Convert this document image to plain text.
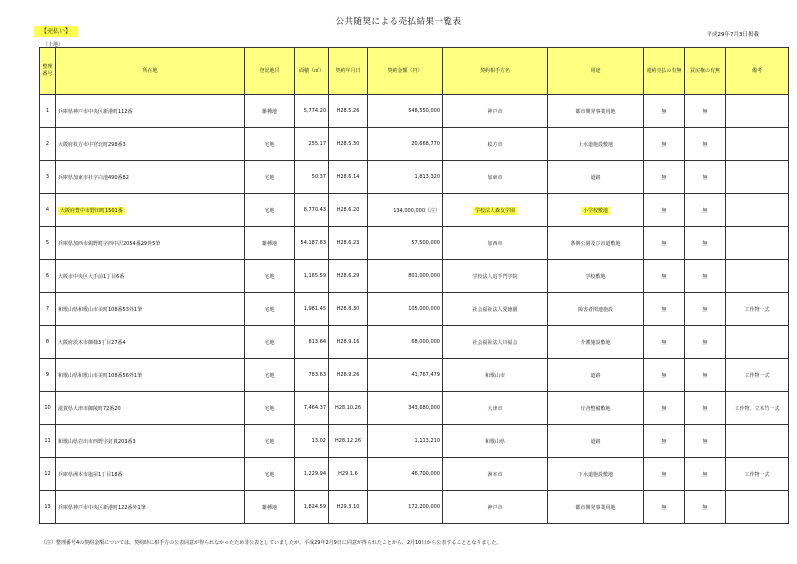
公共随契による売払結果一覧表
平成29年7月3日掲載
【売払い】
（土地）
整理番号	所在地	登記地目	面積（㎡）	契約年月日	契約金額（円）	契約相手方名	用途	違約売払の有無	買戻権の有無	備考
1	兵庫県神戸市中央区新港町112番	雑種地	5,774.20	H28.5.26	548,550,000	神戸市	都市開発事業用地	無	無	
2	大阪府枚方市中宮北町298番3	宅地	255.17	H28.5.30	20,668,770	枚方市	上水道施設敷地	無	無	
3	兵庫県加東市社字白池490番82	宅地	50.37	H28.6.14	1,813,320	加東市	道路	無	無	
4	大阪府豊中市野田町1501番	宅地	8,770.43	H28.6.20	134,000,000（注）	学校法人森友学園	小学校敷地	無	無	
5	兵庫県加西市鶉野町字西中沢2054番29外5筆	雑種地	54,187.83	H28.6.23	57,500,000	加西市	条例公園及び市道敷地	無	無	
6	大阪市中央区大手前1丁目6番	宅地	1,165.59	H28.6.29	801,000,000	学校法人追手門学院	学校敷地	無	無	
7	和歌山県和歌山市美町108番53外1筆	宅地	1,981.45	H28.8.30	105,000,000	社会福祉法人愛徳園	障害者関連施設	無	無	工作物一式
8	大阪府茨木市御様3丁目27番4	宅地	813.64	H28.9.16	68,000,000	社会福祉法人川福会	介護施設敷地	無	無	
9	和歌山県和歌山市美町108番56外1筆	宅地	783.63	H28.9.26	41,767,479	和歌山市	道路	無	無	工作物一式
10	滋賀県大津市御陵町72番20	宅地	7,464.37	H28.10.26	343,680,000	大津市	庁舎整備敷地	無	無	工作物、立木竹一式
11	和歌山県岩出市西野字釘貫203番3	宅地	13.02	H28.12.26	1,113,210	和歌山県	道路	無	無	
12	兵庫県洲本市塩屋1丁目18番	宅地	1,229.94	H29.1.6	46,700,000	洲本市	下水道施設敷地	無	無	工作物一式
13	兵庫県神戸市中央区新港町122番外1筆	雑種地	1,824.59	H29.3.10	172,200,000	神戸市	都市開発事業用地	無	無	
（注）整理番号4の契約金額については、契約時に相手方の公表同意が得られなかったため非公表としていましたが、平成29年2月9日に同意が得られたことから、2月10日から公表することとなりました。
